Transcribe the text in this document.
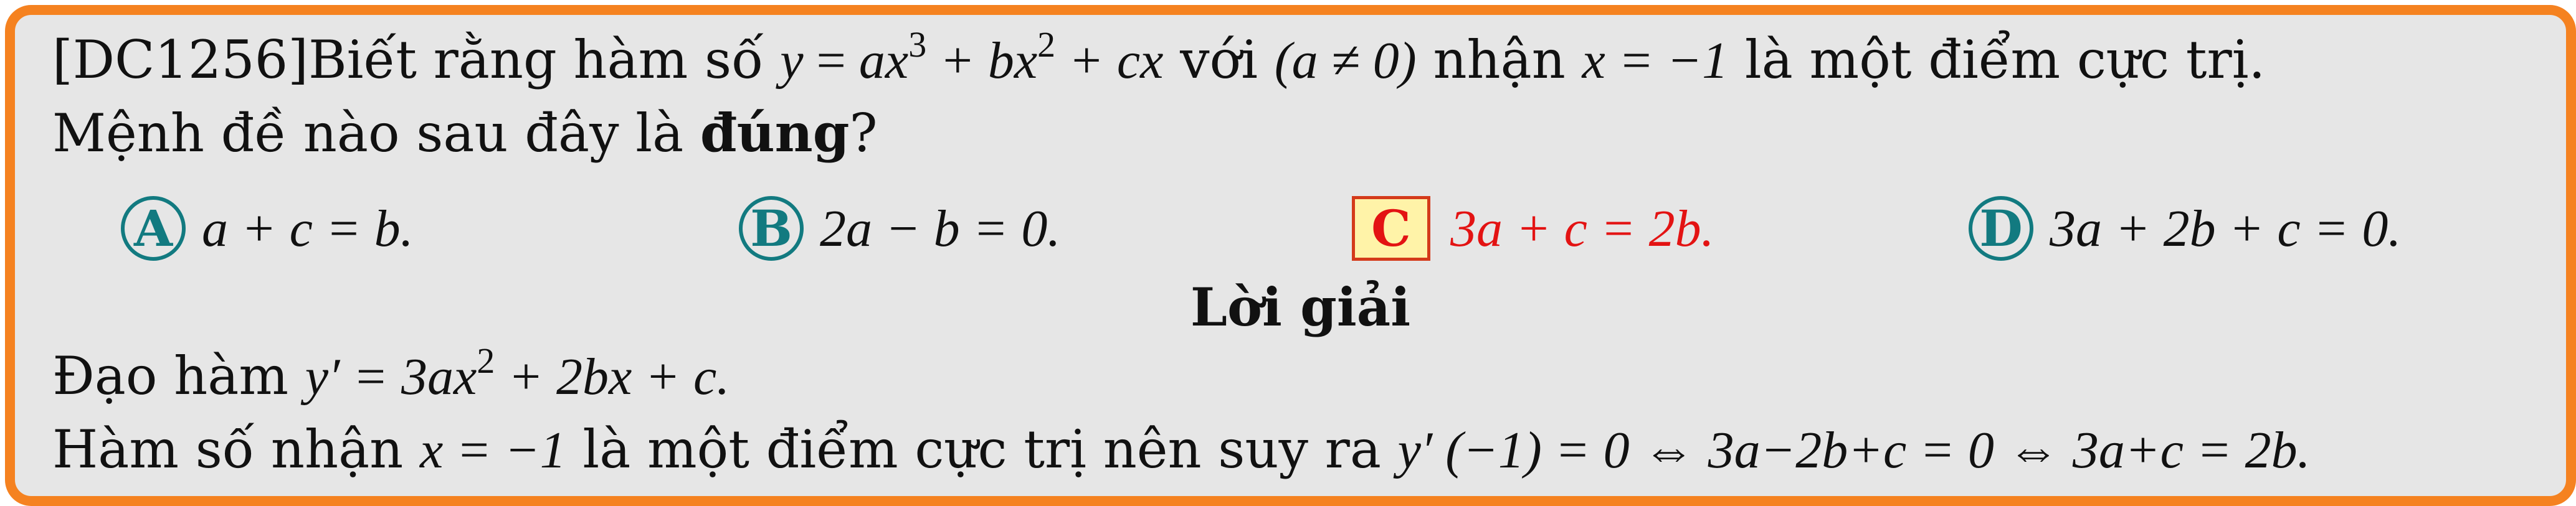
[DC1256]Biết rằng hàm số $y = ax^3 + bx^2$ + cx với (a ≠ 0) nhận x = −1 là một điểm cực trị.
Mệnh đề nào sau đây là đúng?
A a + c = b.	B 2a − b = 0.	C 3a + c = 2b.	D 3a + 2b + c = 0.
Lời giải
Đạo hàm $y' = 3ax^2 + 2bx + c$.
Hàm số nhận x = −1 là một điểm cực trị nên suy ra y′ (−1) = 0 ⇔ 3a−2b+c = 0 ⇔ 3a+c = 2b.
